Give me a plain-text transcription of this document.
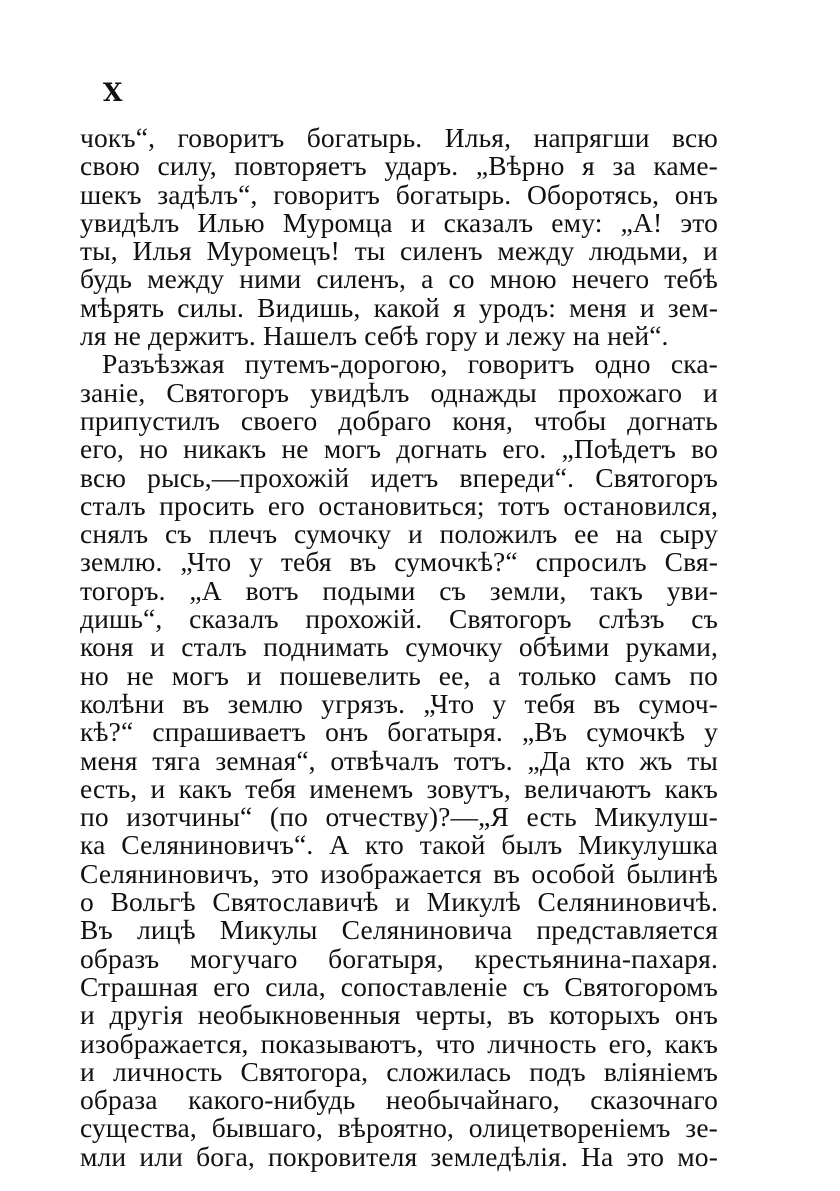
X
чокъ“, говоритъ богатырь. Илья, напрягши всю
свою силу, повторяетъ ударъ. „Вѣрно я за каме-
шекъ задѣлъ“, говоритъ богатырь. Оборотясь, онъ
увидѣлъ Илью Муромца и сказалъ ему: „А! это
ты, Илья Муромецъ! ты силенъ между людьми, и
будь между ними силенъ, а со мною нечего тебѣ
мѣрять силы. Видишь, какой я уродъ: меня и зем-
ля не держитъ. Нашелъ себѣ гору и лежу на ней“.
Разъѣзжая путемъ-дорогою, говоритъ одно ска-
заніе, Святогоръ увидѣлъ однажды прохожаго и
припустилъ своего добраго коня, чтобы догнать
его, но никакъ не могъ догнать его. „Поѣдетъ во
всю рысь,—прохожій идетъ впереди“. Святогоръ
сталъ просить его остановиться; тотъ остановился,
снялъ съ плечъ сумочку и положилъ ее на сыру
землю. „Что у тебя въ сумочкѣ?“ спросилъ Свя-
тогоръ. „А вотъ подыми съ земли, такъ уви-
дишь“, сказалъ прохожій. Святогоръ слѣзъ съ
коня и сталъ поднимать сумочку обѣими руками,
но не могъ и пошевелить ее, а только самъ по
колѣни въ землю угрязъ. „Что у тебя въ сумоч-
кѣ?“ спрашиваетъ онъ богатыря. „Въ сумочкѣ у
меня тяга земная“, отвѣчалъ тотъ. „Да кто жъ ты
есть, и какъ тебя именемъ зовутъ, величаютъ какъ
по изотчины“ (по отчеству)?—„Я есть Микулуш-
ка Селяниновичъ“. А кто такой былъ Микулушка
Селяниновичъ, это изображается въ особой былинѣ
о Вольгѣ Святославичѣ и Микулѣ Селяниновичѣ.
Въ лицѣ Микулы Селяниновича представляется
образъ могучаго богатыря, крестьянина-пахаря.
Страшная его сила, сопоставленіе съ Святогоромъ
и другія необыкновенныя черты, въ которыхъ онъ
изображается, показываютъ, что личность его, какъ
и личность Святогора, сложилась подъ вліяніемъ
образа какого-нибудь необычайнаго, сказочнаго
существа, бывшаго, вѣроятно, олицетвореніемъ зе-
мли или бога, покровителя земледѣлія. На это мо-
